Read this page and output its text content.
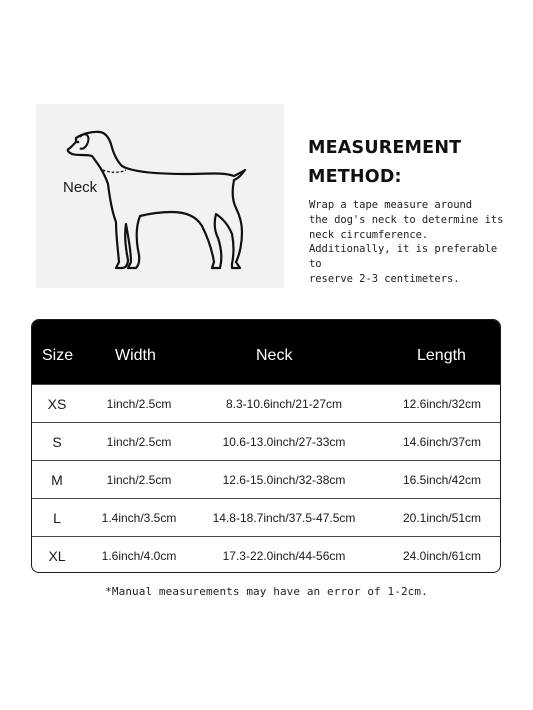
Neck
MEASUREMENT
METHOD:
Wrap a tape measure around
the dog's neck to determine its
neck circumference.
Additionally, it is preferable to
reserve 2-3 centimeters.
Size	Width	Neck	Length
XS	1inch/2.5cm	8.3-10.6inch/21-27cm	12.6inch/32cm
S	1inch/2.5cm	10.6-13.0inch/27-33cm	14.6inch/37cm
M	1inch/2.5cm	12.6-15.0inch/32-38cm	16.5inch/42cm
L	1.4inch/3.5cm	14.8-18.7inch/37.5-47.5cm	20.1inch/51cm
XL	1.6inch/4.0cm	17.3-22.0inch/44-56cm	24.0inch/61cm
*Manual measurements may have an error of 1-2cm.
